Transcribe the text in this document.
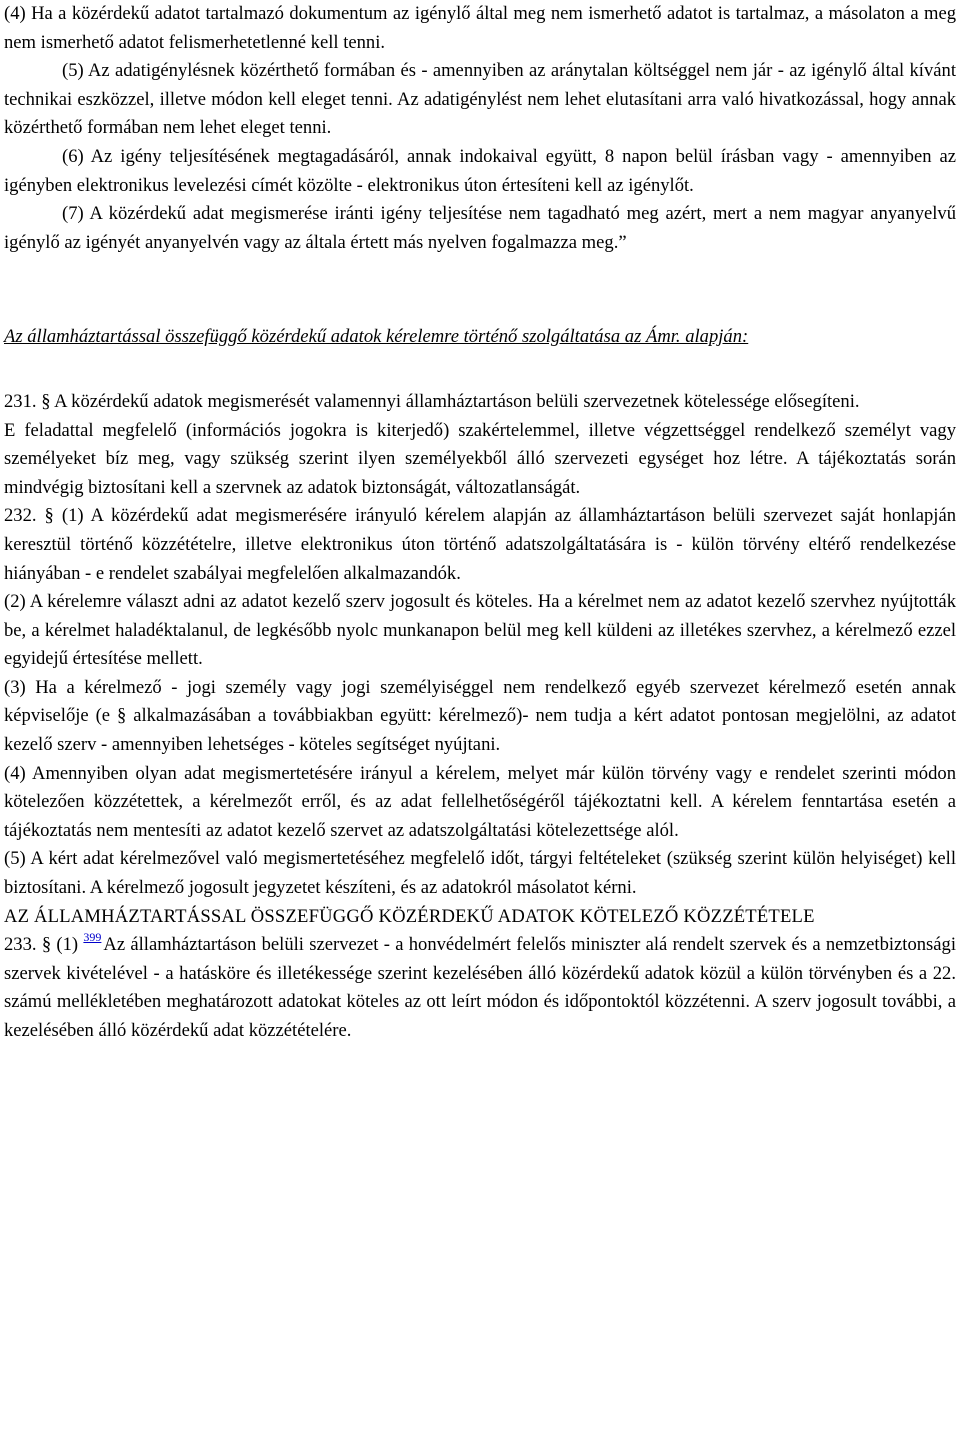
(4) Ha a közérdekű adatot tartalmazó dokumentum az igénylő által meg nem ismerhető adatot is tartalmaz, a másolaton a meg nem ismerhető adatot felismerhetetlenné kell tenni.

(5) Az adatigénylésnek közérthető formában és - amennyiben az aránytalan költséggel nem jár - az igénylő által kívánt technikai eszközzel, illetve módon kell eleget tenni. Az adatigénylést nem lehet elutasítani arra való hivatkozással, hogy annak közérthető formában nem lehet eleget tenni.

(6) Az igény teljesítésének megtagadásáról, annak indokaival együtt, 8 napon belül írásban vagy - amennyiben az igényben elektronikus levelezési címét közölte - elektronikus úton értesíteni kell az igénylőt.

(7) A közérdekű adat megismerése iránti igény teljesítése nem tagadható meg azért, mert a nem magyar anyanyelvű igénylő az igényét anyanyelvén vagy az általa értett más nyelven fogalmazza meg.”

Az államháztartással összefüggő közérdekű adatok kérelemre történő szolgáltatása az Ámr. alapján:

231. § A közérdekű adatok megismerését valamennyi államháztartáson belüli szervezetnek kötelessége elősegíteni.

E feladattal megfelelő (információs jogokra is kiterjedő) szakértelemmel, illetve végzettséggel rendelkező személyt vagy személyeket bíz meg, vagy szükség szerint ilyen személyekből álló szervezeti egységet hoz létre. A tájékoztatás során mindvégig biztosítani kell a szervnek az adatok biztonságát, változatlanságát.

232. § (1) A közérdekű adat megismerésére irányuló kérelem alapján az államháztartáson belüli szervezet saját honlapján keresztül történő közzétételre, illetve elektronikus úton történő adatszolgáltatására is - külön törvény eltérő rendelkezése hiányában - e rendelet szabályai megfelelően alkalmazandók.

(2) A kérelemre választ adni az adatot kezelő szerv jogosult és köteles. Ha a kérelmet nem az adatot kezelő szervhez nyújtották be, a kérelmet haladéktalanul, de legkésőbb nyolc munkanapon belül meg kell küldeni az illetékes szervhez, a kérelmező ezzel egyidejű értesítése mellett.

(3) Ha a kérelmező - jogi személy vagy jogi személyiséggel nem rendelkező egyéb szervezet kérelmező esetén annak képviselője (e § alkalmazásában a továbbiakban együtt: kérelmező)- nem tudja a kért adatot pontosan megjelölni, az adatot kezelő szerv - amennyiben lehetséges - köteles segítséget nyújtani.

(4) Amennyiben olyan adat megismertetésére irányul a kérelem, melyet már külön törvény vagy e rendelet szerinti módon kötelezően közzétettek, a kérelmezőt erről, és az adat fellelhetőségéről tájékoztatni kell. A kérelem fenntartása esetén a tájékoztatás nem mentesíti az adatot kezelő szervet az adatszolgáltatási kötelezettsége alól.

(5) A kért adat kérelmezővel való megismertetéséhez megfelelő időt, tárgyi feltételeket (szükség szerint külön helyiséget) kell biztosítani. A kérelmező jogosult jegyzetet készíteni, és az adatokról másolatot kérni.

AZ ÁLLAMHÁZTARTÁSSAL ÖSSZEFÜGGŐ KÖZÉRDEKŰ ADATOK KÖTELEZŐ KÖZZÉTÉTELE

233. § (1) $^{399}$ Az államháztartáson belüli szervezet - a honvédelmért felelős miniszter alá rendelt szervek és a nemzetbiztonsági szervek kivételével - a hatásköre és illetékessége szerint kezelésében álló közérdekű adatok közül a külön törvényben és a 22. számú mellékletében meghatározott adatokat köteles az ott leírt módon és időpontoktól közzétenni. A szerv jogosult további, a kezelésében álló közérdekű adat közzétételére.
